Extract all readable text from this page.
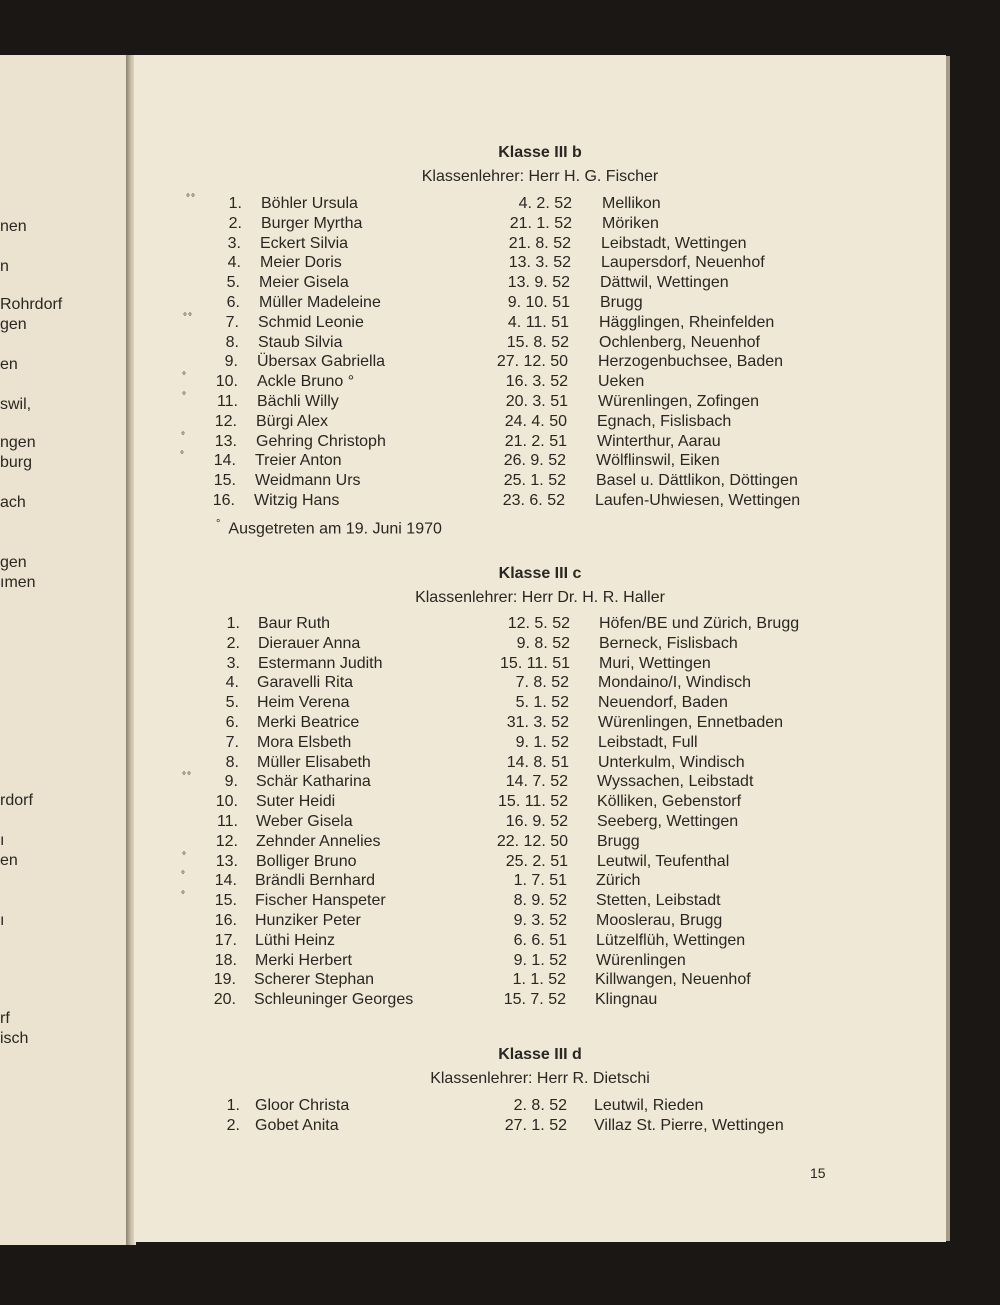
nen
n
Rohrdorf
gen
en
swil,
ngen
burg
ach
gen
ımen
rdorf
ı
en
ı
rf
isch
Klasse III b
Klassenlehrer: Herr H. G. Fischer
°°	1. Böhler Ursula	4. 2. 52 Mellikon
2. Burger Myrtha	21. 1. 52 Möriken
3. Eckert Silvia	21. 8. 52 Leibstadt, Wettingen
4. Meier Doris	13. 3. 52 Laupersdorf, Neuenhof
5. Meier Gisela	13. 9. 52 Dättwil, Wettingen
6. Müller Madeleine	9. 10. 51 Brugg
°°	7. Schmid Leonie	4. 11. 51 Hägglingen, Rheinfelden
8. Staub Silvia	15. 8. 52 Ochlenberg, Neuenhof
9. Übersax Gabriella	27. 12. 50 Herzogenbuchsee, Baden
°	10. Ackle Bruno °	16. 3. 52 Ueken
°	11. Bächli Willy	20. 3. 51 Würenlingen, Zofingen
12. Bürgi Alex	24. 4. 50 Egnach, Fislisbach
°	13. Gehring Christoph	21. 2. 51 Winterthur, Aarau
°	14. Treier Anton	26. 9. 52 Wölflinswil, Eiken
15. Weidmann Urs	25. 1. 52 Basel u. Dättlikon, Döttingen
16. Witzig Hans	23. 6. 52 Laufen-Uhwiesen, Wettingen
° Ausgetreten am 19. Juni 1970
Klasse III c
Klassenlehrer: Herr Dr. H. R. Haller
1. Baur Ruth	12. 5. 52 Höfen/BE und Zürich, Brugg
2. Dierauer Anna	9. 8. 52 Berneck, Fislisbach
3. Estermann Judith	15. 11. 51 Muri, Wettingen
4. Garavelli Rita	7. 8. 52 Mondaino/I, Windisch
5. Heim Verena	5. 1. 52 Neuendorf, Baden
6. Merki Beatrice	31. 3. 52 Würenlingen, Ennetbaden
7. Mora Elsbeth	9. 1. 52 Leibstadt, Full
8. Müller Elisabeth	14. 8. 51 Unterkulm, Windisch
°°	9. Schär Katharina	14. 7. 52 Wyssachen, Leibstadt
10. Suter Heidi	15. 11. 52 Kölliken, Gebenstorf
11. Weber Gisela	16. 9. 52 Seeberg, Wettingen
12. Zehnder Annelies	22. 12. 50 Brugg
°	13. Bolliger Bruno	25. 2. 51 Leutwil, Teufenthal
°	14. Brändli Bernhard	1. 7. 51 Zürich
°	15. Fischer Hanspeter	8. 9. 52 Stetten, Leibstadt
16. Hunziker Peter	9. 3. 52 Mooslerau, Brugg
17. Lüthi Heinz	6. 6. 51 Lützelflüh, Wettingen
18. Merki Herbert	9. 1. 52 Würenlingen
19. Scherer Stephan	1. 1. 52 Killwangen, Neuenhof
20. Schleuninger Georges	15. 7. 52 Klingnau
Klasse III d
Klassenlehrer: Herr R. Dietschi
1. Gloor Christa	2. 8. 52 Leutwil, Rieden
2. Gobet Anita	27. 1. 52 Villaz St. Pierre, Wettingen
15
